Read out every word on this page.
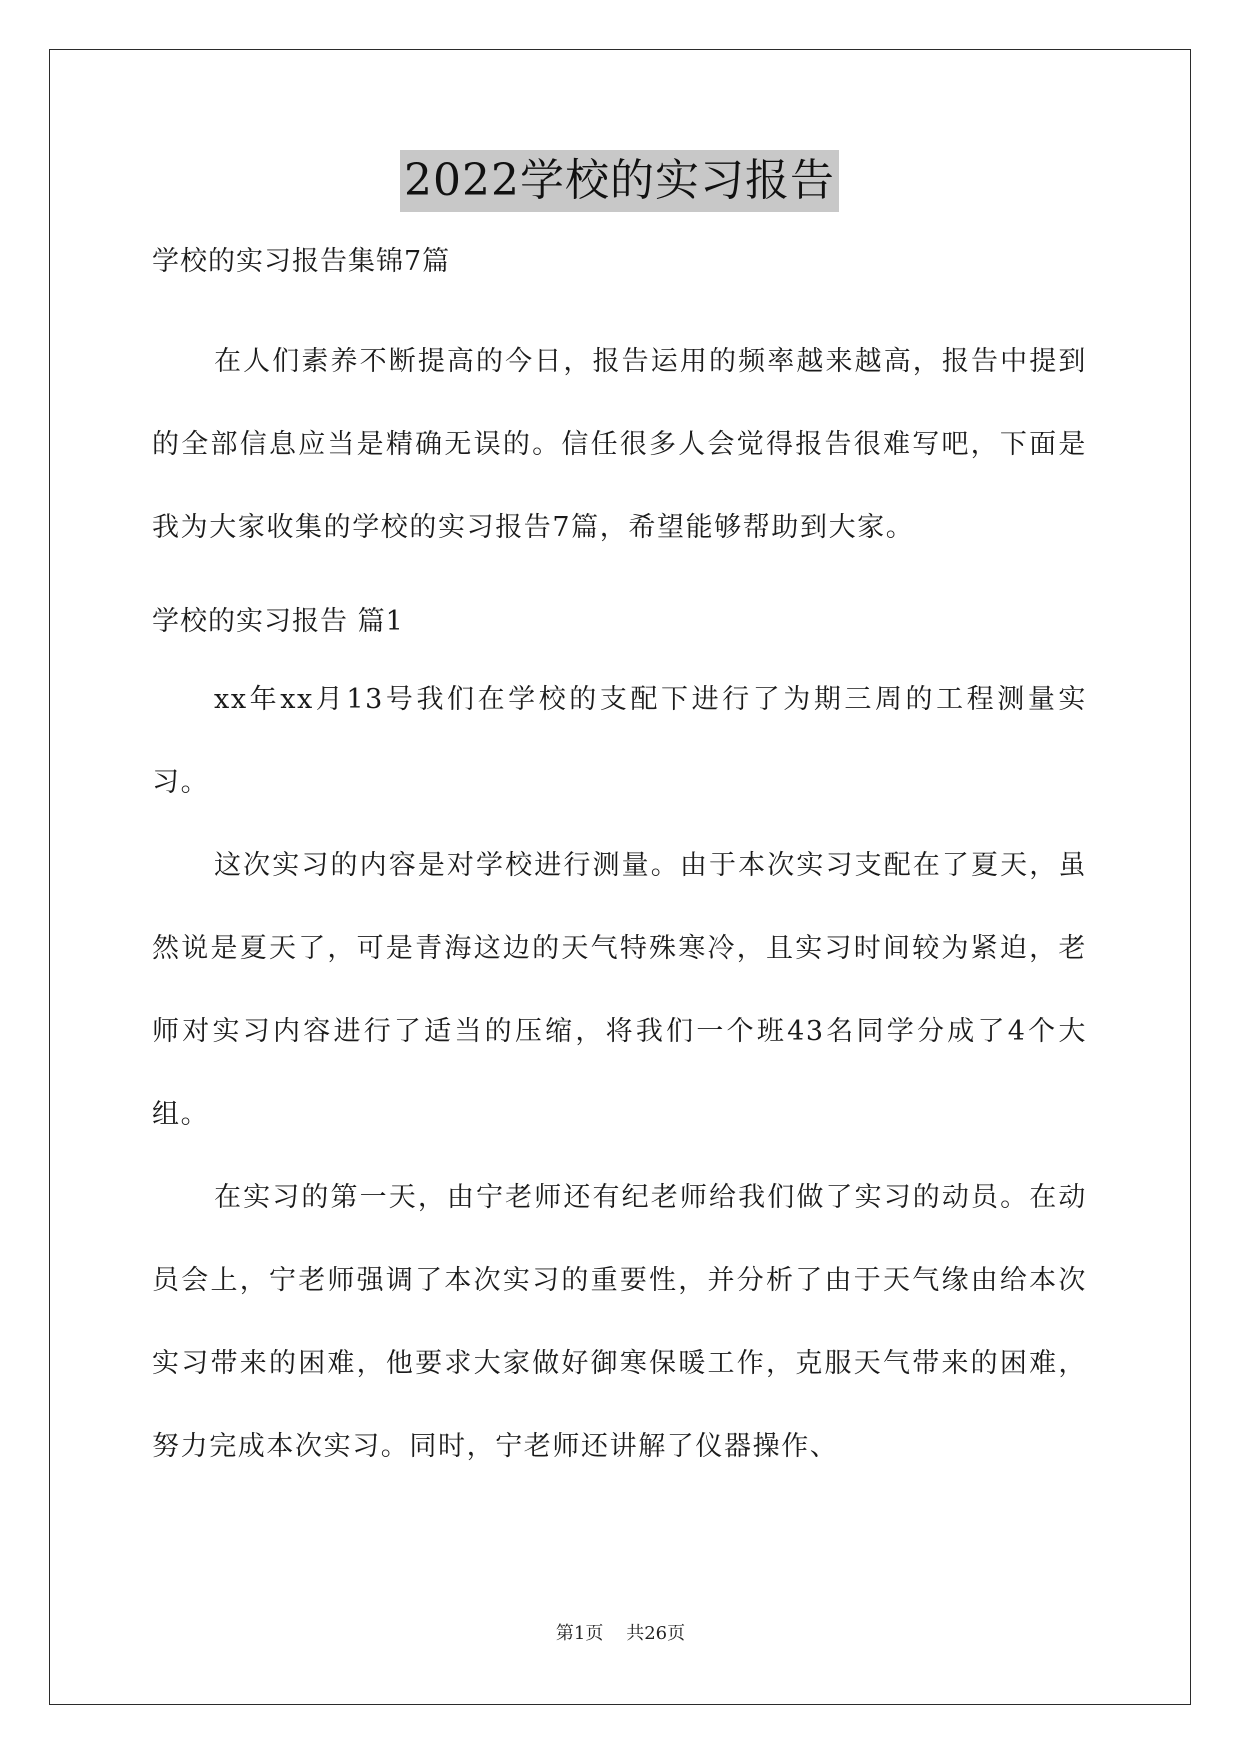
2022学校的实习报告
学校的实习报告集锦7篇

在人们素养不断提高的今日，报告运用的频率越来越高，报告中提到的全部信息应当是精确无误的。信任很多人会觉得报告很难写吧，下面是我为大家收集的学校的实习报告7篇，希望能够帮助到大家。

学校的实习报告 篇1

xx年xx月13号我们在学校的支配下进行了为期三周的工程测量实习。

这次实习的内容是对学校进行测量。由于本次实习支配在了夏天，虽然说是夏天了，可是青海这边的天气特殊寒冷，且实习时间较为紧迫，老师对实习内容进行了适当的压缩，将我们一个班43名同学分成了4个大组。

在实习的第一天，由宁老师还有纪老师给我们做了实习的动员。在动员会上，宁老师强调了本次实习的重要性，并分析了由于天气缘由给本次实习带来的困难，他要求大家做好御寒保暖工作，克服天气带来的困难，努力完成本次实习。同时，宁老师还讲解了仪器操作、

第1页 共26页
